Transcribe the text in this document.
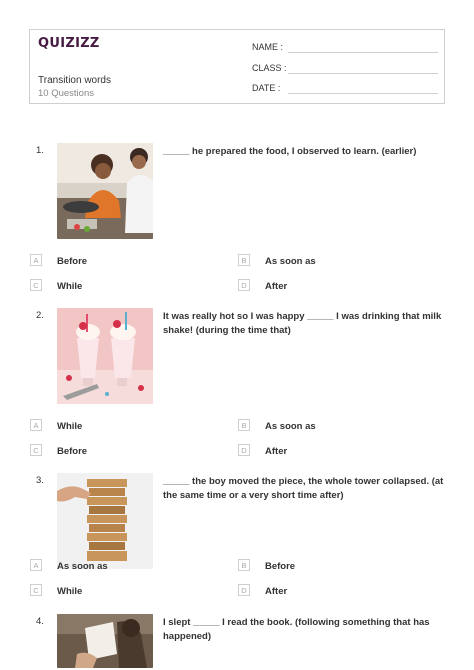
QUIZIZZ
Transition words
10 Questions
NAME :
CLASS :
DATE :
1.	_____ he prepared the food, I observed to learn. (earlier)
A	Before	B	As soon as
C	While	D	After
2.	It was really hot so I was happy _____ I was drinking that milk shake! (during the time that)
A	While	B	As soon as
C	Before	D	After
3.	_____ the boy moved the piece, the whole tower collapsed. (at the same time or a very short time after)
A	As soon as	B	Before
C	While	D	After
4.	I slept _____ I read the book. (following something that has happened)
